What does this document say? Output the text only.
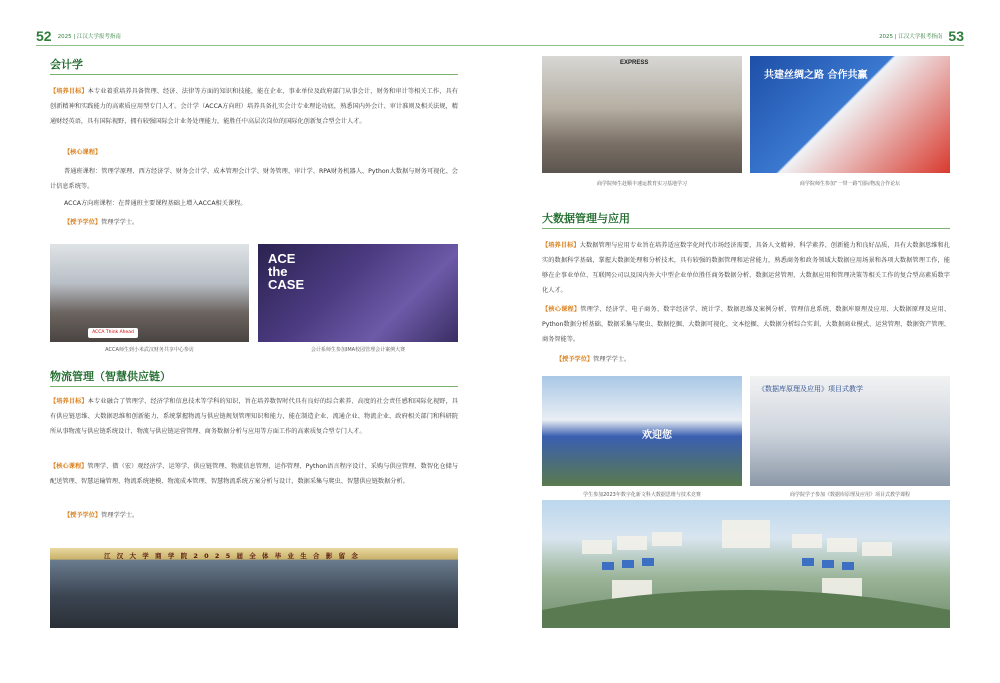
52 2025 | 江汉大学报考指南
会计学
【培养目标】本专业着重培养具备管理、经济、法律等方面的知识和技能，能在企业、事业单位及政府部门从事会计、财务和审计等相关工作，具有创新精神和实践能力的高素质应用型专门人才。会计学（ACCA方向班）培养具备扎实会计专业理论功底，熟悉国内外会计、审计准则及相关法规，精通财经英语，具有国际视野，拥有较强国际会计业务处理能力，能胜任中高层次岗位的国际化创新复合型会计人才。
【核心课程】
普通班课程：管理学原理、西方经济学、财务会计学、成本管理会计学、财务管理、审计学、RPA财务机器人、Python大数据与财务可视化、会计信息系统等。
ACCA方向班课程：在普通班主要课程基础上增入ACCA相关课程。
【授予学位】管理学学士。
ACCA Think Ahead
ACCA师生到小米武汉财务共享中心参访
ACE the CASE
会计系师生参加IMA校园管理会计案例大赛
物流管理（智慧供应链）
【培养目标】本专业融合了管理学、经济学和信息技术等学科的知识，旨在培养数智时代具有良好的综合素养、高度的社会责任感和国际化视野，具有供应链思维、大数据思维和创新能力，系统掌握物流与供应链规划管理知识和能力，能在制造企业、流通企业、物流企业、政府相关部门和科研院所从事物流与供应链系统设计、物流与供应链运营管理、商务数据分析与应用等方面工作的高素质复合型专门人才。
【核心课程】管理学、微（宏）观经济学、运筹学、供应链管理、物流信息管理、运作管理、Python语言程序设计、采购与供应管理、数智化仓储与配送管理、智慧运输管理、物流系统建模、物流成本管理、智慧物流系统方案分析与设计、数据采集与爬虫、智慧供应链数据分析。
【授予学位】管理学学士。
江 汉 大 学 商 学 院 2 0 2 5 届 全 体 毕 业 生 合 影 留 念
2025 | 江汉大学报考指南 53
EXPRESS
商学院师生赴顺丰速运教育实习基地学习
共建丝绸之路 合作共赢
商学院师生参加“一带一路”国际物流合作论坛
大数据管理与应用
【培养目标】大数据管理与应用专业旨在培养适应数字化时代市场经济需要，具备人文精神、科学素养、创新能力和良好品质，具有大数据思维和扎实的数据科学基础，掌握大数据处理和分析技术，具有较强的数据管理和运营能力，熟悉商务和政务领域大数据应用场景和各项大数据管理工作，能够在企事业单位、互联网公司以及国内外大中型企业单位胜任商务数据分析、数据运营管理、大数据应用和管理决策等相关工作的复合型高素质数字化人才。
【核心课程】管理学、经济学、电子商务、数字经济学、统计学、数据思维及案例分析、管理信息系统、数据库原理及应用、大数据原理及应用、Python数据分析基础、数据采集与爬虫、数据挖掘、大数据可视化、文本挖掘、大数据分析综合实训、大数据商业模式、运营管理、数据资产管理、商务智能等。
【授予学位】管理学学士。
欢迎您
学生参加2023年数字化新文科大数据思维与技术竞赛
《数据库原理及应用》项目式教学
商学院学子参加《数据库原理及应用》项目式教学课程
